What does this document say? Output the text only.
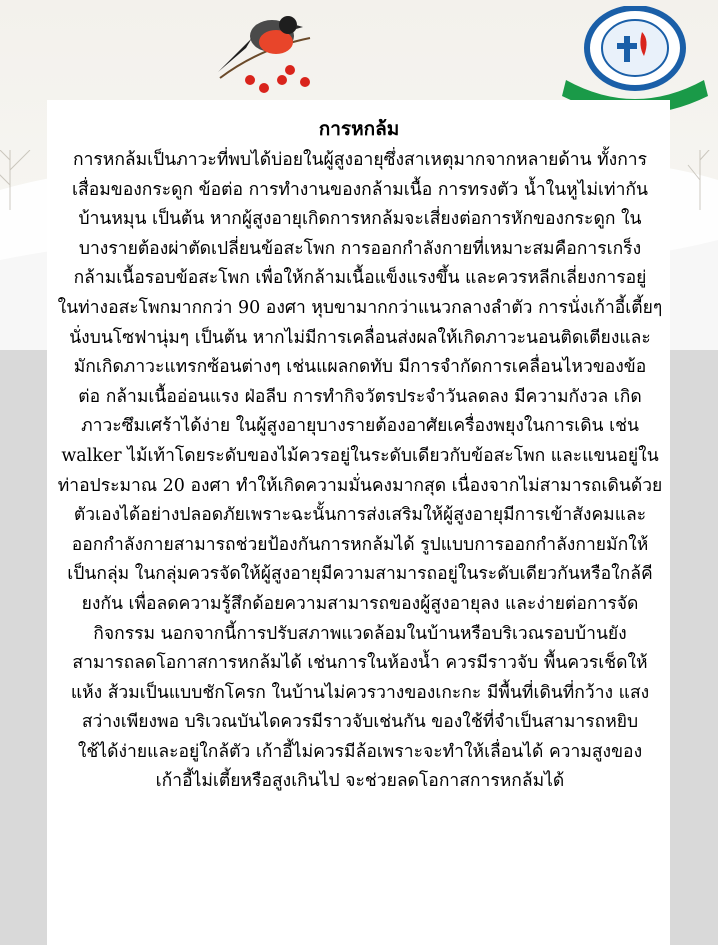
การหกล้ม
การหกล้มเป็นภาวะที่พบได้บ่อยในผู้สูงอายุซึ่งสาเหตุมากจากหลายด้าน ทั้งการ
เสื่อมของกระดูก ข้อต่อ การทำงานของกล้ามเนื้อ การทรงตัว น้ำในหูไม่เท่ากัน
บ้านหมุน เป็นต้น หากผู้สูงอายุเกิดการหกล้มจะเสี่ยงต่อการหักของกระดูก ใน
บางรายต้องผ่าตัดเปลี่ยนข้อสะโพก การออกกำลังกายที่เหมาะสมคือการเกร็ง
กล้ามเนื้อรอบข้อสะโพก เพื่อให้กล้ามเนื้อแข็งแรงขึ้น และควรหลีกเลี่ยงการอยู่
ในท่างอสะโพกมากกว่า 90 องศา หุบขามากกว่าแนวกลางลำตัว การนั่งเก้าอี้เตี้ยๆ
นั่งบนโซฟานุ่มๆ เป็นต้น หากไม่มีการเคลื่อนส่งผลให้เกิดภาวะนอนติดเตียงและ
มักเกิดภาวะแทรกซ้อนต่างๆ เช่นแผลกดทับ มีการจำกัดการเคลื่อนไหวของข้อ
ต่อ กล้ามเนื้ออ่อนแรง ฝ่อลีบ การทำกิจวัตรประจำวันลดลง มีความกังวล เกิด
ภาวะซึมเศร้าได้ง่าย ในผู้สูงอายุบางรายต้องอาศัยเครื่องพยุงในการเดิน เช่น
walker ไม้เท้าโดยระดับของไม้ควรอยู่ในระดับเดียวกับข้อสะโพก และแขนอยู่ใน
ท่าอประมาณ 20 องศา ทำให้เกิดความมั่นคงมากสุด เนื่องจากไม่สามารถเดินด้วย
ตัวเองได้อย่างปลอดภัยเพราะฉะนั้นการส่งเสริมให้ผู้สูงอายุมีการเข้าสังคมและ
ออกกำลังกายสามารถช่วยป้องกันการหกล้มได้ รูปแบบการออกกำลังกายมักให้
เป็นกลุ่ม ในกลุ่มควรจัดให้ผู้สูงอายุมีความสามารถอยู่ในระดับเดียวกันหรือใกล้คี
ยงกัน เพื่อลดความรู้สึกด้อยความสามารถของผู้สูงอายุลง และง่ายต่อการจัด
กิจกรรม นอกจากนี้การปรับสภาพแวดล้อมในบ้านหรือบริเวณรอบบ้านยัง
สามารถลดโอกาสการหกล้มได้ เช่นการในห้องน้ำ ควรมีราวจับ พื้นควรเช็ดให้
แห้ง ส้วมเป็นแบบชักโครก ในบ้านไม่ควรวางของเกะกะ มีพื้นที่เดินที่กว้าง แสง
สว่างเพียงพอ บริเวณบันไดควรมีราวจับเช่นกัน ของใช้ที่จำเป็นสามารถหยิบ
ใช้ได้ง่ายและอยู่ใกล้ตัว เก้าอี้ไม่ควรมีล้อเพราะจะทำให้เลื่อนได้ ความสูงของ
เก้าอี้ไม่เตี้ยหรือสูงเกินไป จะช่วยลดโอกาสการหกล้มได้
